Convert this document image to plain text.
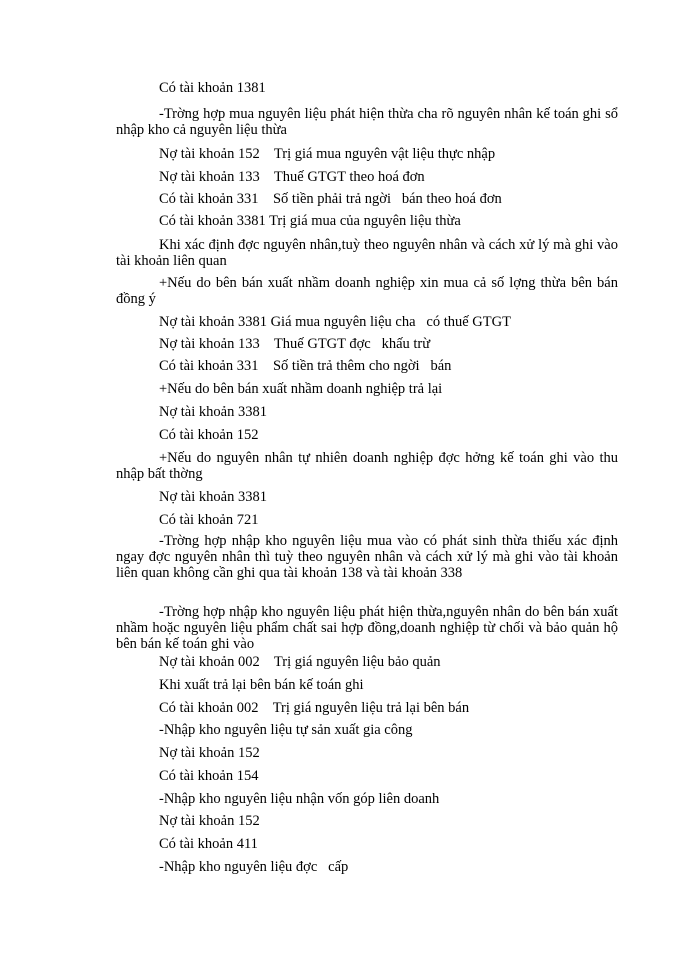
Có tài khoản 1381
-Trờng hợp mua nguyên liệu phát hiện thừa cha rõ nguyên nhân kế toán ghi sổ nhập kho cả nguyên liệu thừa
Nợ tài khoản 152    Trị giá mua nguyên vật liệu thực nhập
Nợ tài khoản 133    Thuế GTGT theo hoá đơn
Có tài khoản 331    Số tiền phải trả ngời   bán theo hoá đơn
Có tài khoản 3381 Trị giá mua của nguyên liệu thừa
Khi xác định đợc nguyên nhân,tuỳ theo nguyên nhân và cách xử lý mà ghi vào tài khoản liên quan
+Nếu do bên bán xuất nhầm doanh nghiệp xin mua cả số lợng thừa bên bán đồng ý
Nợ tài khoản 3381 Giá mua nguyên liệu cha   có thuế GTGT
Nợ tài khoản 133    Thuế GTGT đợc   khấu trừ
Có tài khoản 331    Số tiền trả thêm cho ngời   bán
+Nếu do bên bán xuất nhầm doanh nghiệp trả lại
Nợ tài khoản 3381
Có tài khoản 152
+Nếu do nguyên nhân tự nhiên doanh nghiệp đợc hởng kế toán ghi vào thu nhập bất thờng
Nợ tài khoản 3381
Có tài khoản 721
-Trờng hợp nhập kho nguyên liệu mua vào có phát sinh thừa thiếu xác định ngay đợc nguyên nhân thì tuỳ theo nguyên nhân và cách xử lý mà ghi vào tài khoản liên quan không cần ghi qua tài khoản 138 và tài khoản 338
-Trờng hợp nhập kho nguyên liệu phát hiện thừa,nguyên nhân do bên bán xuất nhầm hoặc nguyên liệu phẩm chất sai hợp đồng,doanh nghiệp từ chối và bảo quản hộ bên bán kế toán ghi vào
Nợ tài khoản 002    Trị giá nguyên liệu bảo quản
Khi xuất trả lại bên bán kế toán ghi
Có tài khoản 002    Trị giá nguyên liệu trả lại bên bán
-Nhập kho nguyên liệu tự sản xuất gia công
Nợ tài khoản 152
Có tài khoản 154
-Nhập kho nguyên liệu nhận vốn góp liên doanh
Nợ tài khoản 152
Có tài khoản 411
-Nhập kho nguyên liệu đợc   cấp
